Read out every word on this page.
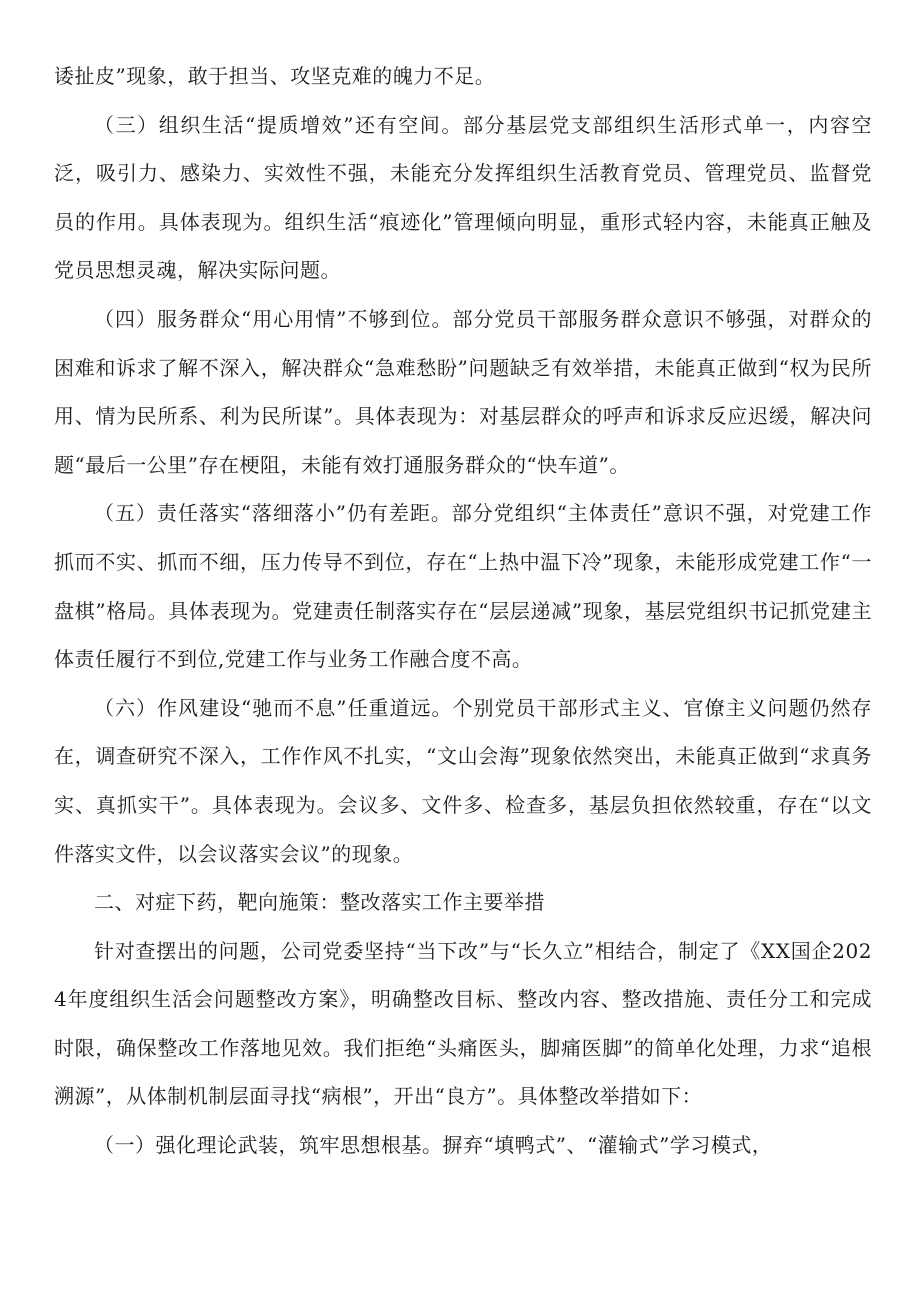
诿扯皮”现象，敢于担当、攻坚克难的魄力不足。

（三）组织生活“提质增效”还有空间。部分基层党支部组织生活形式单一，内容空泛，吸引力、感染力、实效性不强，未能充分发挥组织生活教育党员、管理党员、监督党员的作用。具体表现为。组织生活“痕迹化”管理倾向明显，重形式轻内容，未能真正触及党员思想灵魂，解决实际问题。

（四）服务群众“用心用情”不够到位。部分党员干部服务群众意识不够强，对群众的困难和诉求了解不深入，解决群众“急难愁盼”问题缺乏有效举措，未能真正做到“权为民所用、情为民所系、利为民所谋”。具体表现为：对基层群众的呼声和诉求反应迟缓，解决问题“最后一公里”存在梗阻，未能有效打通服务群众的“快车道”。

（五）责任落实“落细落小”仍有差距。部分党组织“主体责任”意识不强，对党建工作抓而不实、抓而不细，压力传导不到位，存在“上热中温下冷”现象，未能形成党建工作“一盘棋”格局。具体表现为。党建责任制落实存在“层层递减”现象，基层党组织书记抓党建主体责任履行不到位,党建工作与业务工作融合度不高。

（六）作风建设“驰而不息”任重道远。个别党员干部形式主义、官僚主义问题仍然存在，调查研究不深入，工作作风不扎实，“文山会海”现象依然突出，未能真正做到“求真务实、真抓实干”。具体表现为。会议多、文件多、检查多，基层负担依然较重，存在“以文件落实文件，以会议落实会议”的现象。

二、对症下药，靶向施策：整改落实工作主要举措

针对查摆出的问题，公司党委坚持“当下改”与“长久立”相结合，制定了《XX国企2024年度组织生活会问题整改方案》，明确整改目标、整改内容、整改措施、责任分工和完成时限，确保整改工作落地见效。我们拒绝“头痛医头，脚痛医脚”的简单化处理，力求“追根溯源”，从体制机制层面寻找“病根”，开出“良方”。具体整改举措如下：

（一）强化理论武装，筑牢思想根基。摒弃“填鸭式”、“灌输式”学习模式，
